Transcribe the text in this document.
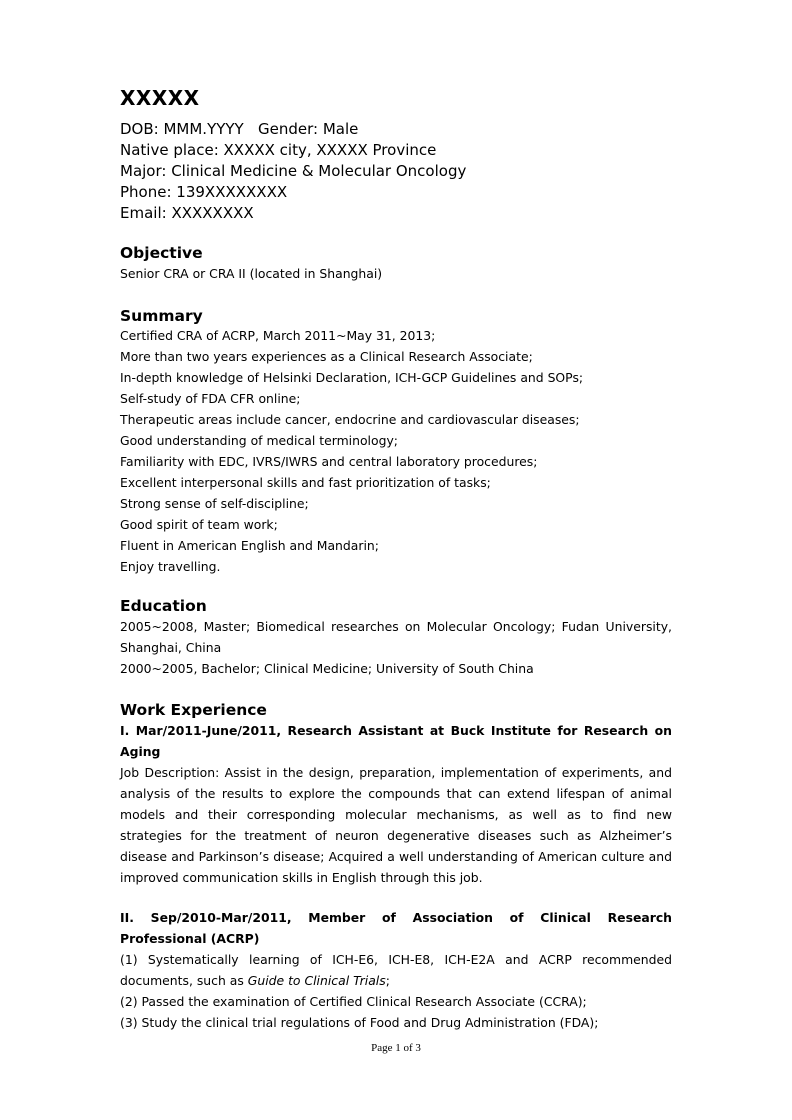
XXXXX
DOB: MMM.YYYY   Gender: Male
Native place: XXXXX city, XXXXX Province
Major: Clinical Medicine & Molecular Oncology
Phone: 139XXXXXXXX
Email: XXXXXXXX
Objective
Senior CRA or CRA II (located in Shanghai)
Summary
Certified CRA of ACRP, March 2011~May 31, 2013;
More than two years experiences as a Clinical Research Associate;
In-depth knowledge of Helsinki Declaration, ICH-GCP Guidelines and SOPs;
Self-study of FDA CFR online;
Therapeutic areas include cancer, endocrine and cardiovascular diseases;
Good understanding of medical terminology;
Familiarity with EDC, IVRS/IWRS and central laboratory procedures;
Excellent interpersonal skills and fast prioritization of tasks;
Strong sense of self-discipline;
Good spirit of team work;
Fluent in American English and Mandarin;
Enjoy travelling.
Education
2005~2008, Master; Biomedical researches on Molecular Oncology; Fudan University, Shanghai, China
2000~2005, Bachelor; Clinical Medicine; University of South China
Work Experience
I. Mar/2011-June/2011, Research Assistant at Buck Institute for Research on Aging
Job Description: Assist in the design, preparation, implementation of experiments, and analysis of the results to explore the compounds that can extend lifespan of animal models and their corresponding molecular mechanisms, as well as to find new strategies for the treatment of neuron degenerative diseases such as Alzheimer’s disease and Parkinson’s disease; Acquired a well understanding of American culture and improved communication skills in English through this job.
II. Sep/2010-Mar/2011, Member of Association of Clinical Research Professional (ACRP)
(1) Systematically learning of ICH-E6, ICH-E8, ICH-E2A and ACRP recommended documents, such as Guide to Clinical Trials;
(2) Passed the examination of Certified Clinical Research Associate (CCRA);
(3) Study the clinical trial regulations of Food and Drug Administration (FDA);
Page 1 of 3
